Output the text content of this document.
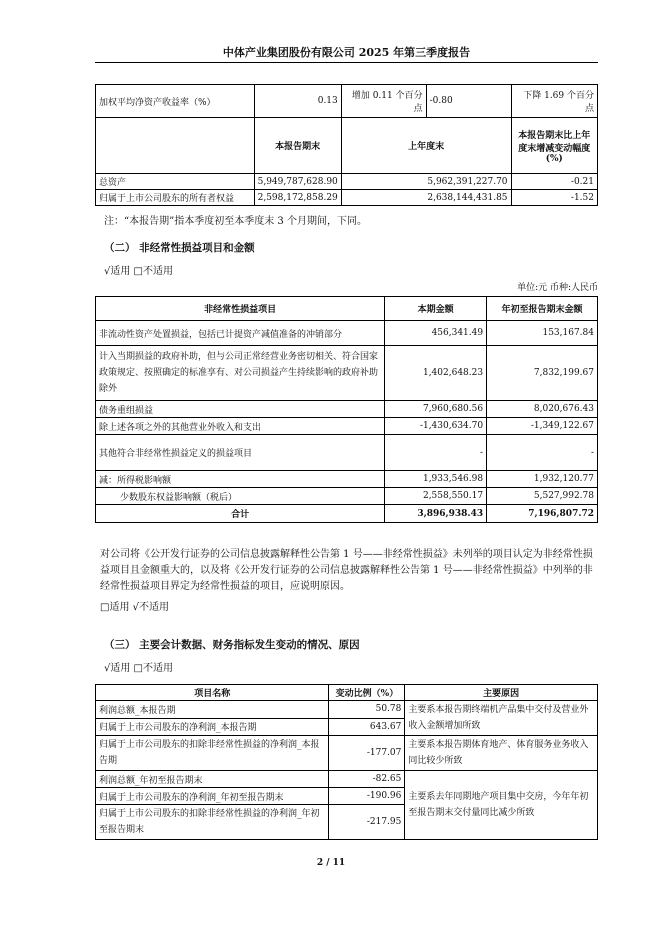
中体产业集团股份有限公司 2025 年第三季度报告
加权平均净资产收益率（%）	0.13	增加 0.11 个百分点	-0.80	下降 1.69 个百分点
	本报告期末	上年度末		本报告期末比上年度末增减变动幅度(%)
总资产	5,949,787,628.90	5,962,391,227.70		-0.21
归属于上市公司股东的所有者权益	2,598,172,858.29	2,638,144,431.85		-1.52
注：“本报告期”指本季度初至本季度末 3 个月期间，下同。
（二） 非经常性损益项目和金额
√适用 □不适用
单位:元 币种:人民币
非经常性损益项目	本期金额	年初至报告期末金额
非流动性资产处置损益，包括已计提资产减值准备的冲销部分	456,341.49	153,167.84
计入当期损益的政府补助，但与公司正常经营业务密切相关、符合国家政策规定、按照确定的标准享有、对公司损益产生持续影响的政府补助除外	1,402,648.23	7,832,199.67
债务重组损益	7,960,680.56	8,020,676.43
除上述各项之外的其他营业外收入和支出	-1,430,634.70	-1,349,122.67
其他符合非经常性损益定义的损益项目	-	-
减：所得税影响额	1,933,546.98	1,932,120.77
少数股东权益影响额（税后）	2,558,550.17	5,527,992.78
合计	3,896,938.43	7,196,807.72
对公司将《公开发行证券的公司信息披露解释性公告第 1 号——非经常性损益》未列举的项目认定为非经常性损益项目且金额重大的，以及将《公开发行证券的公司信息披露解释性公告第 1 号——非经常性损益》中列举的非经常性损益项目界定为经常性损益的项目，应说明原因。
□适用 √不适用
（三） 主要会计数据、财务指标发生变动的情况、原因
√适用 □不适用
项目名称	变动比例（%）	主要原因
利润总额_本报告期	50.78	主要系本报告期终端机产品集中交付及营业外收入金额增加所致
归属于上市公司股东的净利润_本报告期	643.67	
归属于上市公司股东的扣除非经常性损益的净利润_本报告期	-177.07	主要系本报告期体育地产、体育服务业务收入同比较少所致
利润总额_年初至报告期末	-82.65	主要系去年同期地产项目集中交房，今年年初至报告期末交付量同比减少所致
归属于上市公司股东的净利润_年初至报告期末	-190.96	
归属于上市公司股东的扣除非经常性损益的净利润_年初至报告期末	-217.95	
2 / 11
